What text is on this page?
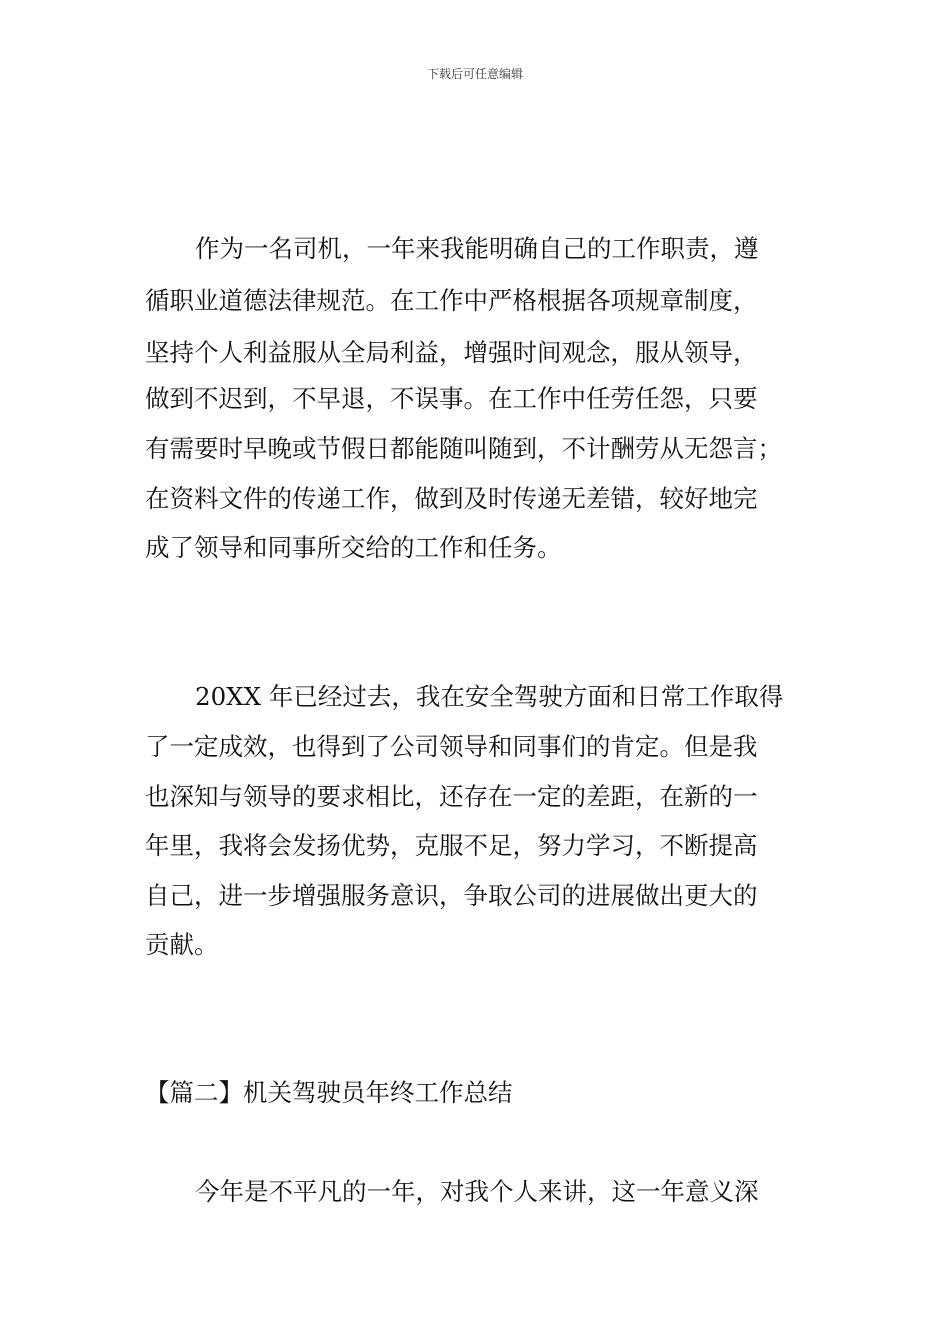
下载后可任意编辑
作为一名司机，一年来我能明确自己的工作职责，遵
循职业道德法律规范。在工作中严格根据各项规章制度，
坚持个人利益服从全局利益，增强时间观念，服从领导，
做到不迟到，不早退，不误事。在工作中任劳任怨，只要
有需要时早晚或节假日都能随叫随到，不计酬劳从无怨言；
在资料文件的传递工作，做到及时传递无差错，较好地完
成了领导和同事所交给的工作和任务。
20XX 年已经过去，我在安全驾驶方面和日常工作取得
了一定成效，也得到了公司领导和同事们的肯定。但是我
也深知与领导的要求相比，还存在一定的差距，在新的一
年里，我将会发扬优势，克服不足，努力学习，不断提高
自己，进一步增强服务意识，争取公司的进展做出更大的
贡献。
【篇二】机关驾驶员年终工作总结
今年是不平凡的一年，对我个人来讲，这一年意义深
